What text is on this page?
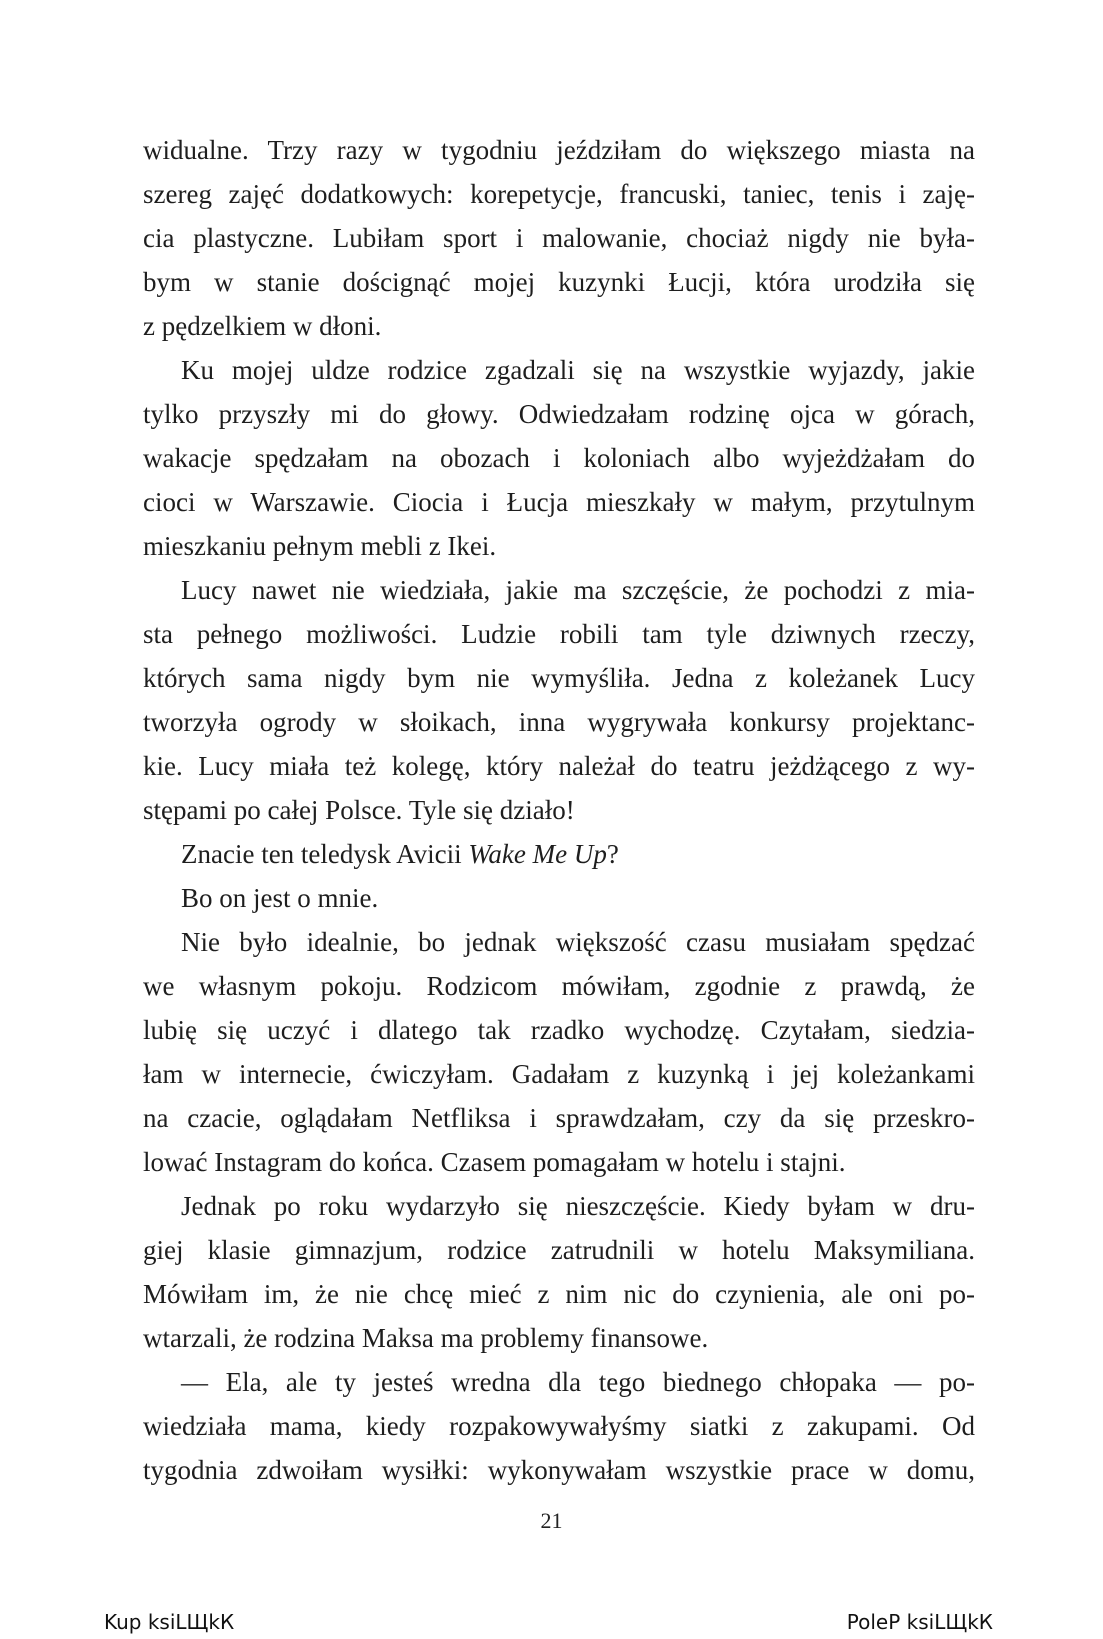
widualne. Trzy razy w tygodniu jeździłam do większego miasta na
szereg zajęć dodatkowych: korepetycje, francuski, taniec, tenis i zaję-
cia plastyczne. Lubiłam sport i malowanie, chociaż nigdy nie była-
bym w stanie doścignąć mojej kuzynki Łucji, która urodziła się
z pędzelkiem w dłoni.
Ku mojej uldze rodzice zgadzali się na wszystkie wyjazdy, jakie
tylko przyszły mi do głowy. Odwiedzałam rodzinę ojca w górach,
wakacje spędzałam na obozach i koloniach albo wyjeżdżałam do
cioci w Warszawie. Ciocia i Łucja mieszkały w małym, przytulnym
mieszkaniu pełnym mebli z Ikei.
Lucy nawet nie wiedziała, jakie ma szczęście, że pochodzi z mia-
sta pełnego możliwości. Ludzie robili tam tyle dziwnych rzeczy,
których sama nigdy bym nie wymyśliła. Jedna z koleżanek Lucy
tworzyła ogrody w słoikach, inna wygrywała konkursy projektanc-
kie. Lucy miała też kolegę, który należał do teatru jeżdżącego z wy-
stępami po całej Polsce. Tyle się działo!
Znacie ten teledysk Avicii Wake Me Up?
Bo on jest o mnie.
Nie było idealnie, bo jednak większość czasu musiałam spędzać
we własnym pokoju. Rodzicom mówiłam, zgodnie z prawdą, że
lubię się uczyć i dlatego tak rzadko wychodzę. Czytałam, siedzia-
łam w internecie, ćwiczyłam. Gadałam z kuzynką i jej koleżankami
na czacie, oglądałam Netfliksa i sprawdzałam, czy da się przeskro-
lować Instagram do końca. Czasem pomagałam w hotelu i stajni.
Jednak po roku wydarzyło się nieszczęście. Kiedy byłam w dru-
giej klasie gimnazjum, rodzice zatrudnili w hotelu Maksymiliana.
Mówiłam im, że nie chcę mieć z nim nic do czynienia, ale oni po-
wtarzali, że rodzina Maksa ma problemy finansowe.
— Ela, ale ty jesteś wredna dla tego biednego chłopaka — po-
wiedziała mama, kiedy rozpakowywałyśmy siatki z zakupami. Od
tygodnia zdwoiłam wysiłki: wykonywałam wszystkie prace w domu,
21
Kup ksiLЩkК	PoleP ksiLЩkК
